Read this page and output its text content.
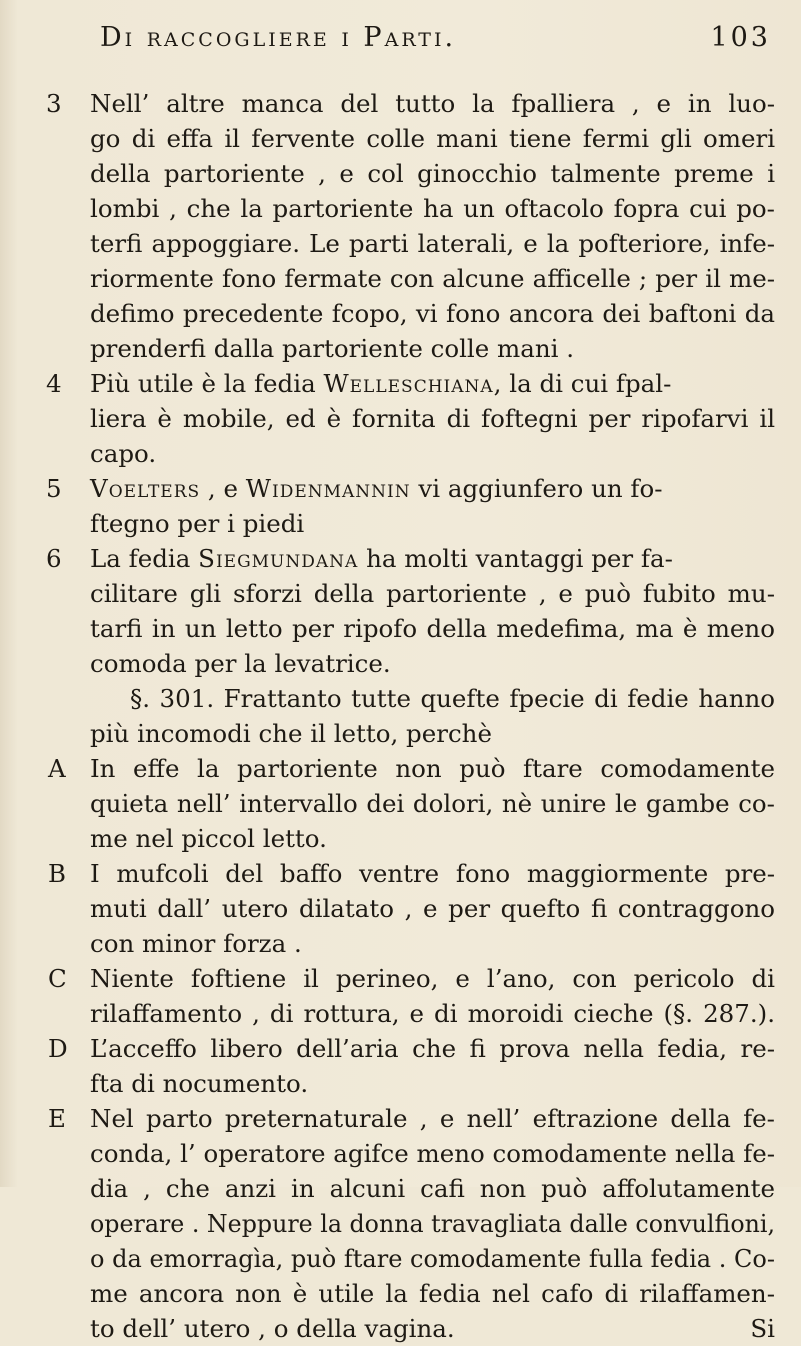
Di raccogliere i Parti.	103
3	Nell’ altre manca del tutto la fpalliera , e in luo-
go di effa il fervente colle mani tiene fermi gli omeri
della partoriente , e col ginocchio talmente preme i
lombi , che la partoriente ha un oftacolo fopra cui po-
terfi appoggiare. Le parti laterali, e la pofteriore, infe-
riormente fono fermate con alcune afficelle ; per il me-
defimo precedente fcopo, vi fono ancora dei baftoni da
prenderfi dalla partoriente colle mani .
4	Più utile è la fedia Welleschiana, la di cui fpal-
liera è mobile, ed è fornita di foftegni per ripofarvi il
capo.
5	Voelters , e Widenmannin vi aggiunfero un fo-
ftegno per i piedi
6	La fedia Siegmundana ha molti vantaggi per fa-
cilitare gli sforzi della partoriente , e può fubito mu-
tarfi in un letto per ripofo della medefima, ma è meno
comoda per la levatrice.
§. 301. Frattanto tutte quefte fpecie di fedie hanno
più incomodi che il letto, perchè
A In effe la partoriente non può ftare comodamente
quieta nell’ intervallo dei dolori, nè unire le gambe co-
me nel piccol letto.
B I mufcoli del baffo ventre fono maggiormente pre-
muti dall’ utero dilatato , e per quefto fi contraggono
con minor forza .
C Niente foftiene il perineo, e l’ano, con pericolo di
rilaffamento , di rottura, e di moroidi cieche (§. 287.).
D L’acceffo libero dell’aria che fi prova nella fedia, re-
fta di nocumento.
E Nel parto preternaturale , e nell’ eftrazione della fe-
conda, l’ operatore agifce meno comodamente nella fe-
dia , che anzi in alcuni cafi non può affolutamente
operare . Neppure la donna travagliata dalle convulfioni,
o da emorragìa, può ftare comodamente fulla fedia . Co-
me ancora non è utile la fedia nel cafo di rilaffamen-
Si
to dell’ utero , o della vagina.
